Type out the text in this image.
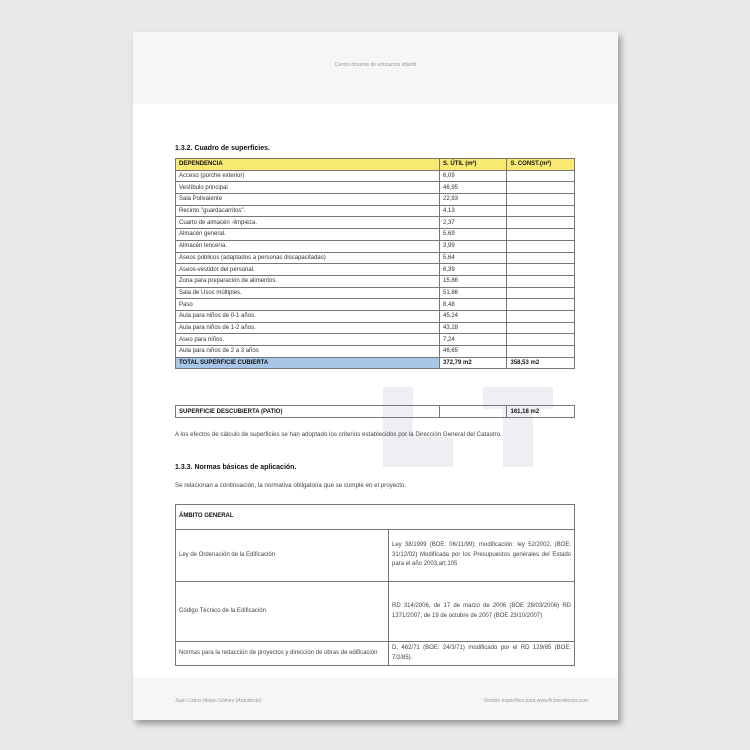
Centro docente de educación infantil
1.3.2. Cuadro de superficies.
DEPENDENCIA	S. ÚTIL (m²)	S. CONST.(m²)
Acceso (porche exterior)	6,09	
Vestíbulo principal	46,95	
Sala Polivalente	22,93	
Recinto "guardacarritos".	4,13	
Cuarto de almacén -limpieza.	2,37	
Almacén general.	5,69	
Almacén lencería.	3,99	
Aseos públicos (adaptados a personas discapacitadas)	5,64	
Aseos-vestidor del personal.	6,39	
Zona para preparación de alimentos.	15,86	
Sala de Usos múltiples.	51,86	
Paso	8,48	
Aula para niños de 0-1 años.	45,24	
Aula para niños de 1-2 años.	43,28	
Aseo para niños.	7,24	
Aula para niños de 2 a 3 años	46,65	
TOTAL SUPERFICIE CUBIERTA	372,79 m2	358,53 m2
SUPERFICIE DESCUBIERTA (PATIO)		161,18 m2
A los efectos de cálculo de superficies se han adoptado los criterios establecidos por la Dirección General del Catastro.
1.3.3. Normas básicas de aplicación.
Se relacionan a continuación, la normativa obligatoria que se cumple en el proyecto.
ÁMBITO GENERAL	
Ley de Ordenación de la Edificación	Ley 38/1999 (BOE: 06/11/99); modificación: ley 52/2002, (BOE: 31/12/02) Modificada por los Presupuestos generales del Estado para el año 2003,art.105
Código Técnico de la Edificación	RD 314/2006, de 17 de marzo de 2006 (BOE 28/03/2006) RD 1371/2007, de 19 de octubre de 2007 (BOE 23/10/2007)
Normas para la redacción de proyectos y dirección de obras de edificación	D. 462/71 (BOE: 24/3/71) modificado por el RD 129/85 (BOE: 7/2/85).
Juan Carlos Mejan Gómez (Arquitecto)	Versión específica para www.ficherotecnia.com
